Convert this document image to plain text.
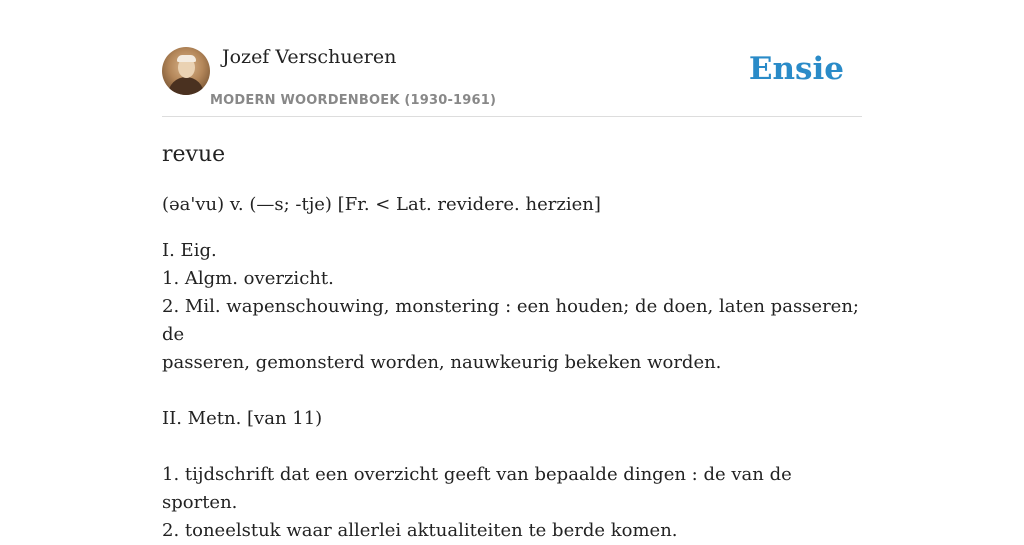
Jozef Verschueren
MODERN WOORDENBOEK (1930-1961)
Ensie
revue

(əa'vu) v. (—s; -tje) [Fr. < Lat. revidere. herzien]

I. Eig.

1. Algm. overzicht.

2. Mil. wapenschouwing, monstering : een houden; de doen, laten passeren; de

passeren, gemonsterd worden, nauwkeurig bekeken worden.

II. Metn. [van 11)

1. tijdschrift dat een overzicht geeft van bepaalde dingen : de van de sporten.

2. toneelstuk waar allerlei aktualiteiten te berde komen.
